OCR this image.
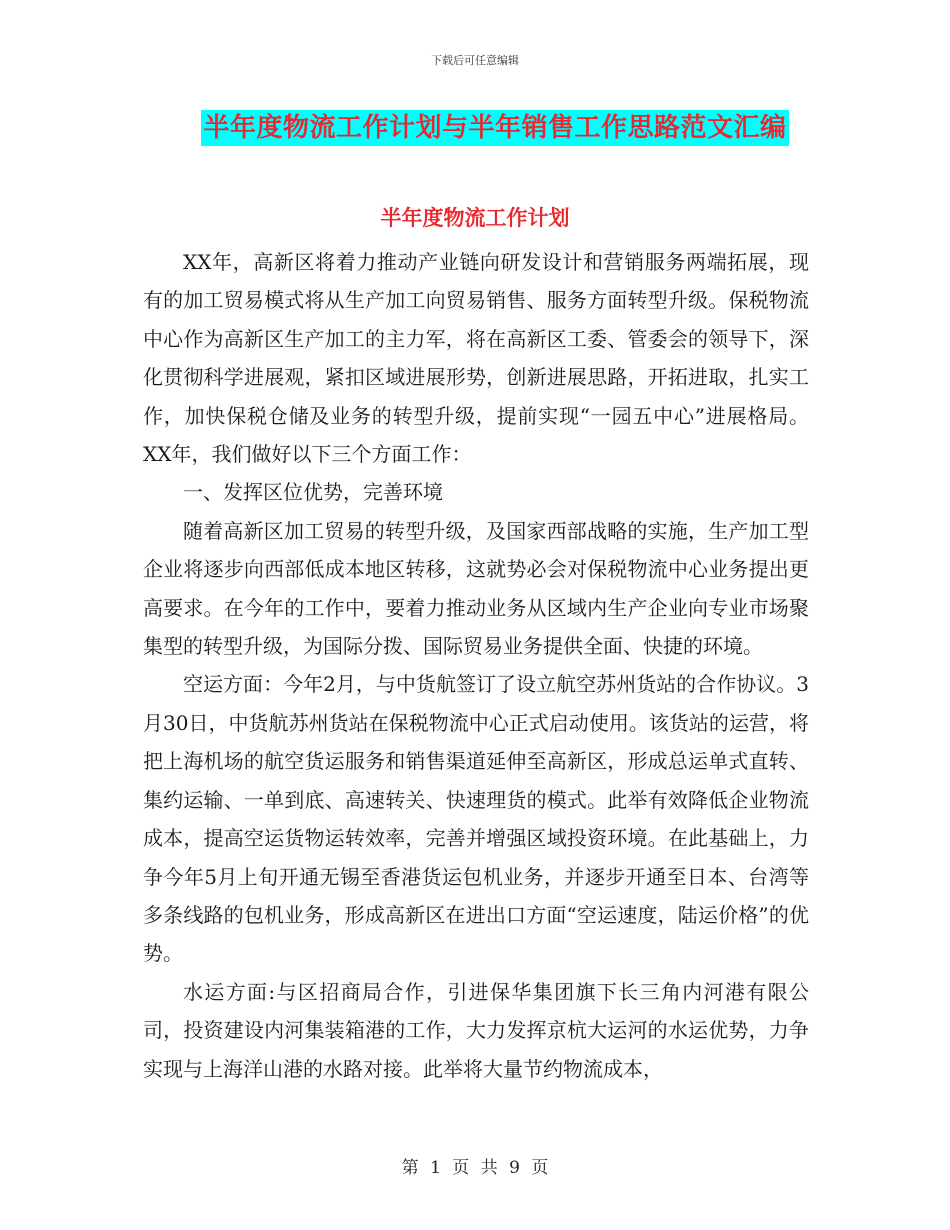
下载后可任意编辑
半年度物流工作计划与半年销售工作思路范文汇编
半年度物流工作计划

XX年，高新区将着力推动产业链向研发设计和营销服务两端拓展，现有的加工贸易模式将从生产加工向贸易销售、服务方面转型升级。保税物流中心作为高新区生产加工的主力军，将在高新区工委、管委会的领导下，深化贯彻科学进展观，紧扣区域进展形势，创新进展思路，开拓进取，扎实工作，加快保税仓储及业务的转型升级，提前实现“一园五中心”进展格局。XX年，我们做好以下三个方面工作：

一、发挥区位优势，完善环境

随着高新区加工贸易的转型升级，及国家西部战略的实施，生产加工型企业将逐步向西部低成本地区转移，这就势必会对保税物流中心业务提出更高要求。在今年的工作中，要着力推动业务从区域内生产企业向专业市场聚集型的转型升级，为国际分拨、国际贸易业务提供全面、快捷的环境。

空运方面：今年2月，与中货航签订了设立航空苏州货站的合作协议。3月30日，中货航苏州货站在保税物流中心正式启动使用。该货站的运营，将把上海机场的航空货运服务和销售渠道延伸至高新区，形成总运单式直转、集约运输、一单到底、高速转关、快速理货的模式。此举有效降低企业物流成本，提高空运货物运转效率，完善并增强区域投资环境。在此基础上，力争今年5月上旬开通无锡至香港货运包机业务，并逐步开通至日本、台湾等多条线路的包机业务，形成高新区在进出口方面“空运速度，陆运价格”的优势。

水运方面:与区招商局合作，引进保华集团旗下长三角内河港有限公司，投资建设内河集装箱港的工作，大力发挥京杭大运河的水运优势，力争实现与上海洋山港的水路对接。此举将大量节约物流成本，

第 1 页 共 9 页
